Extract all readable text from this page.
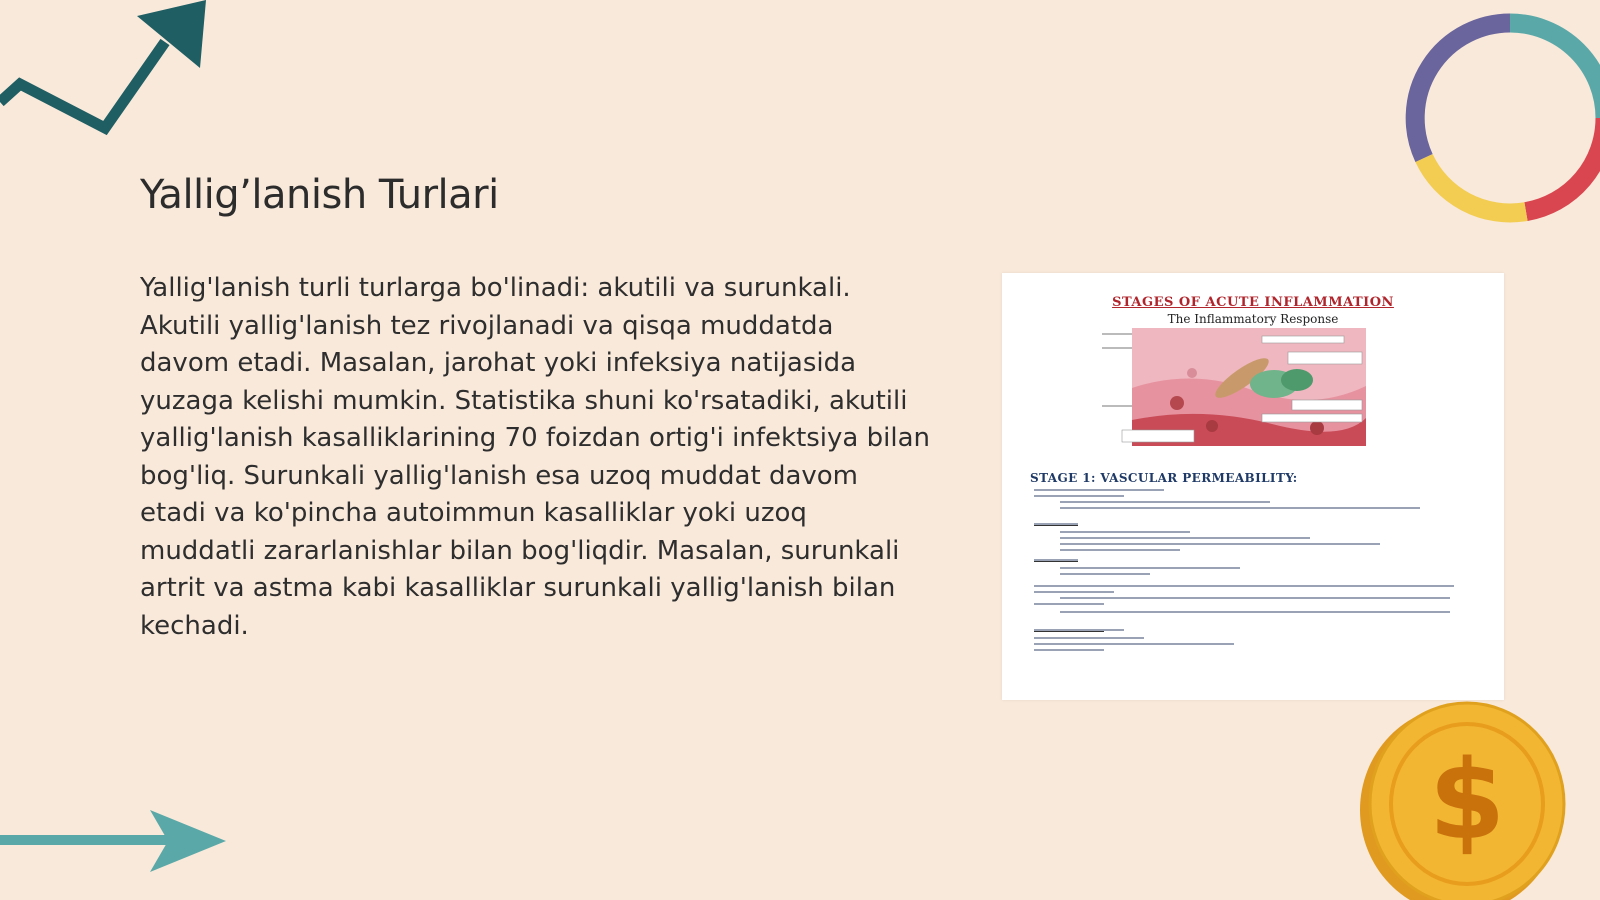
$
Yallig’lanish Turlari

Yallig'lanish turli turlarga bo'linadi: akutili va surunkali. Akutili yallig'lanish tez rivojlanadi va qisqa muddatda davom etadi. Masalan, jarohat yoki infeksiya natijasida yuzaga kelishi mumkin. Statistika shuni ko'rsatadiki, akutili yallig'lanish kasalliklarining 70 foizdan ortig'i infektsiya bilan bog'liq. Surunkali yallig'lanish esa uzoq muddat davom etadi va ko'pincha autoimmun kasalliklar yoki uzoq muddatli zararlanishlar bilan bog'liqdir. Masalan, surunkali artrit va astma kabi kasalliklar surunkali yallig'lanish bilan kechadi.

STAGES OF ACUTE INFLAMMATION
The Inflammatory Response
STAGE 1: VASCULAR PERMEABILITY:
